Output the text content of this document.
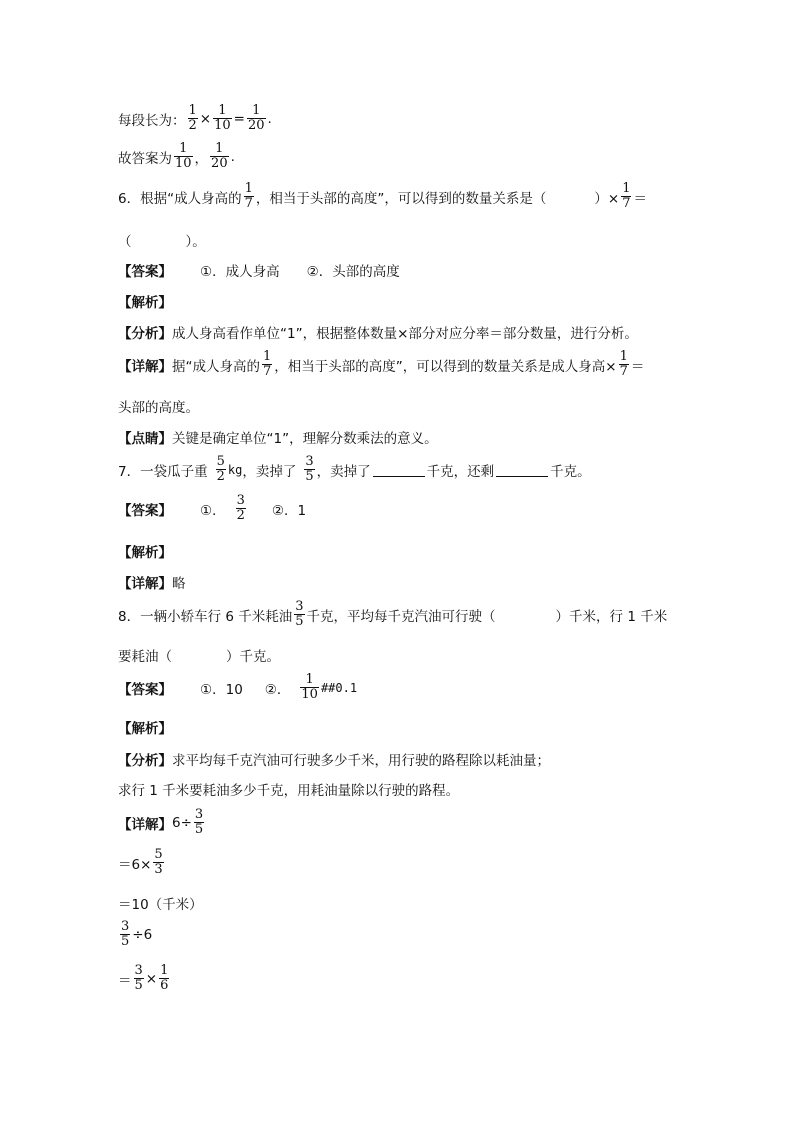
每段长为： $\frac{1}{2} \times \frac{1}{10} = \frac{1}{20}$ .
故答案为 $\frac{1}{10}$ ， $\frac{1}{20}$ .
6．根据“成人身高的 $\frac{1}{7}$ ，相当于头部的高度”，可以得到的数量关系是（	）× $\frac{1}{7}$ ＝
（　　　　）。
【答案】 ①．成人身高　　②．头部的高度
【解析】
【分析】 成人身高看作单位“1”，根据整体数量×部分对应分率＝部分数量，进行分析。
【详解】 据“成人身高的 $\frac{1}{7}$ ，相当于头部的高度”，可以得到的数量关系是成人身高× $\frac{1}{7}$ ＝
头部的高度。
【点睛】 关键是确定单位“1”，理解分数乘法的意义。
7．一袋瓜子重 $\frac{5}{2}$ kg ，卖掉了 $\frac{3}{5}$ ，卖掉了	千克，还剩	千克。
【答案】 ①． $\frac{3}{2}$ ②．1
【解析】
【详解】 略
8．一辆小轿车行 6 千米耗油 $\frac{3}{5}$ 千克，平均每千克汽油可行驶（	）千米，行 1 千米
要耗油（　　　　）千克。
【答案】 ①．10 ②． $\frac{1}{10}$ ##0.1
【解析】
【分析】 求平均每千克汽油可行驶多少千米，用行驶的路程除以耗油量；
求行 1 千米要耗油多少千克，用耗油量除以行驶的路程。
【详解】 $6\div \frac{3}{5}$
$=6\times \frac{5}{3}$
＝10（千米）
$\frac{3}{5} \div 6$
＝ $\frac{3}{5} \times \frac{1}{6}$
